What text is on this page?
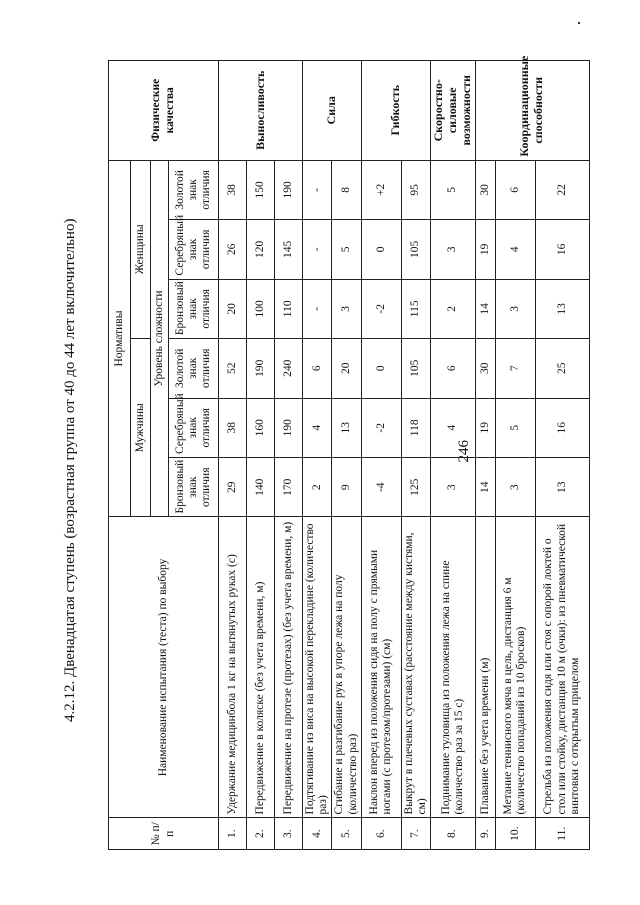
246
4.2.12. Двенадцатая ступень (возрастная группа от 40 до 44 лет включительно)
№ п/п	Наименование испытания (теста) по выбору	Нормативы						Физические качества
		Мужчины			Женщины			
		Уровень сложности						
		Бронзовый знак отличия	Серебряный знак отличия	Золотой знак отличия	Бронзовый знак отличия	Серебряный знак отличия	Золотой знак отличия	
1.	Удержание медицинбола 1 кг на вытянутых руках (с)	29	38	52	20	26	38	Выносливость
2.	Передвижение в коляске (без учета времени, м)	140	160	190	100	120	150	
3.	Передвижение на протезе (протезах) (без учета времени, м)	170	190	240	110	145	190	
4.	Подтягивание из виса на высокой перекладине (количество раз)	2	4	6	-	-	-	Сила
5.	Сгибание и разгибание рук в упоре лежа на полу (количество раз)	9	13	20	3	5	8	
6.	Наклон вперед из положения сидя на полу с прямыми ногами (с протезом/протезами) (см)	-4	-2	0	-2	0	+2	Гибкость
7.	Выкрут в плечевых суставах (расстояние между кистями, см)	125	118	105	115	105	95	
8.	Поднимание туловища из положения лежа на спине (количество раз за 15 с)	3	4	6	2	3	5	Скоростно-силовые возможности
9.	Плавание без учета времени (м)	14	19	30	14	19	30	Координационные способности
10.	Метание теннисного мяча в цель, дистанция 6 м (количество попаданий из 10 бросков)	3	5	7	3	4	6	
11.	Стрельба из положения сидя или стоя с опорой локтей о стол или стойку, дистанция 10 м (очки): из пневматической винтовки с открытым прицелом	13	16	25	13	16	22	
